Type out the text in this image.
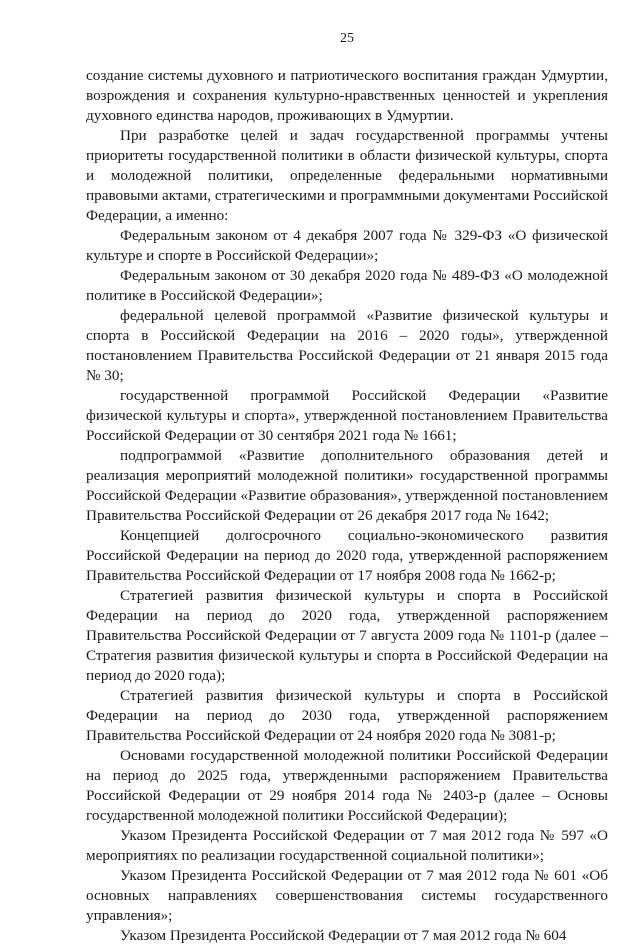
25

создание системы духовного и патриотического воспитания граждан Удмуртии, возрождения и сохранения культурно-нравственных ценностей и укрепления духовного единства народов, проживающих в Удмуртии.

При разработке целей и задач государственной программы учтены приоритеты государственной политики в области физической культуры, спорта и молодежной политики, определенные федеральными нормативными правовыми актами, стратегическими и программными документами Российской Федерации, а именно:

Федеральным законом от 4 декабря 2007 года № 329-ФЗ «О физической культуре и спорте в Российской Федерации»;

Федеральным законом от 30 декабря 2020 года № 489-ФЗ «О молодежной политике в Российской Федерации»;

федеральной целевой программой «Развитие физической культуры и спорта в Российской Федерации на 2016 – 2020 годы», утвержденной постановлением Правительства Российской Федерации от 21 января 2015 года № 30;

государственной программой Российской Федерации «Развитие физической культуры и спорта», утвержденной постановлением Правительства Российской Федерации от 30 сентября 2021 года № 1661;

подпрограммой «Развитие дополнительного образования детей и реализация мероприятий молодежной политики» государственной программы Российской Федерации «Развитие образования», утвержденной постановлением Правительства Российской Федерации от 26 декабря 2017 года № 1642;

Концепцией долгосрочного социально-экономического развития Российской Федерации на период до 2020 года, утвержденной распоряжением Правительства Российской Федерации от 17 ноября 2008 года № 1662-р;

Стратегией развития физической культуры и спорта в Российской Федерации на период до 2020 года, утвержденной распоряжением Правительства Российской Федерации от 7 августа 2009 года № 1101-р (далее – Стратегия развития физической культуры и спорта в Российской Федерации на период до 2020 года);

Стратегией развития физической культуры и спорта в Российской Федерации на период до 2030 года, утвержденной распоряжением Правительства Российской Федерации от 24 ноября 2020 года № 3081-р;

Основами государственной молодежной политики Российской Федерации на период до 2025 года, утвержденными распоряжением Правительства Российской Федерации от 29 ноября 2014 года № 2403-р (далее – Основы государственной молодежной политики Российской Федерации);

Указом Президента Российской Федерации от 7 мая 2012 года № 597 «О мероприятиях по реализации государственной социальной политики»;

Указом Президента Российской Федерации от 7 мая 2012 года № 601 «Об основных направлениях совершенствования системы государственного управления»;

Указом Президента Российской Федерации от 7 мая 2012 года № 604
